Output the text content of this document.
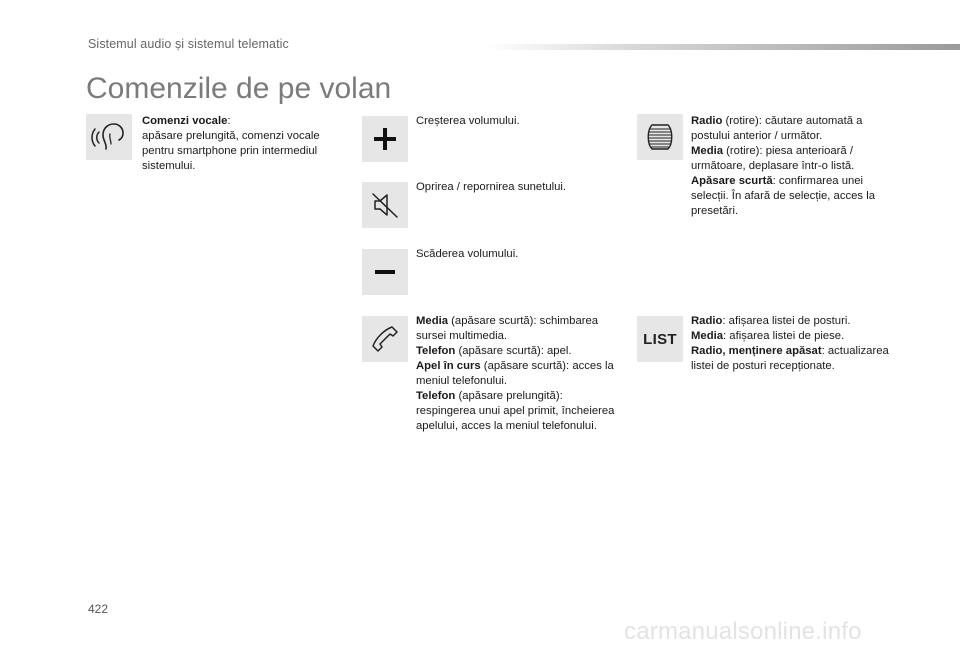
Sistemul audio și sistemul telematic
Comenzile de pe volan

Comenzi vocale:

apăsare prelungită, comenzi vocale pentru smartphone prin intermediul sistemului.

Creșterea volumului.

Oprirea / repornirea sunetului.

Scăderea volumului.

Media (apăsare scurtă): schimbarea sursei multimedia.

Telefon (apăsare scurtă): apel.

Apel în curs (apăsare scurtă): acces la meniul telefonului.

Telefon (apăsare prelungită): respingerea unui apel primit, încheierea apelului, acces la meniul telefonului.

Radio (rotire): căutare automată a postului anterior / următor.

Media (rotire): piesa anterioară / următoare, deplasare într-o listă.

Apăsare scurtă: confirmarea unei selecții. În afară de selecție, acces la presetări.

LIST

Radio: afișarea listei de posturi.

Media: afișarea listei de piese.

Radio, menținere apăsat: actualizarea listei de posturi recepționate.

422
carmanualsonline.info
